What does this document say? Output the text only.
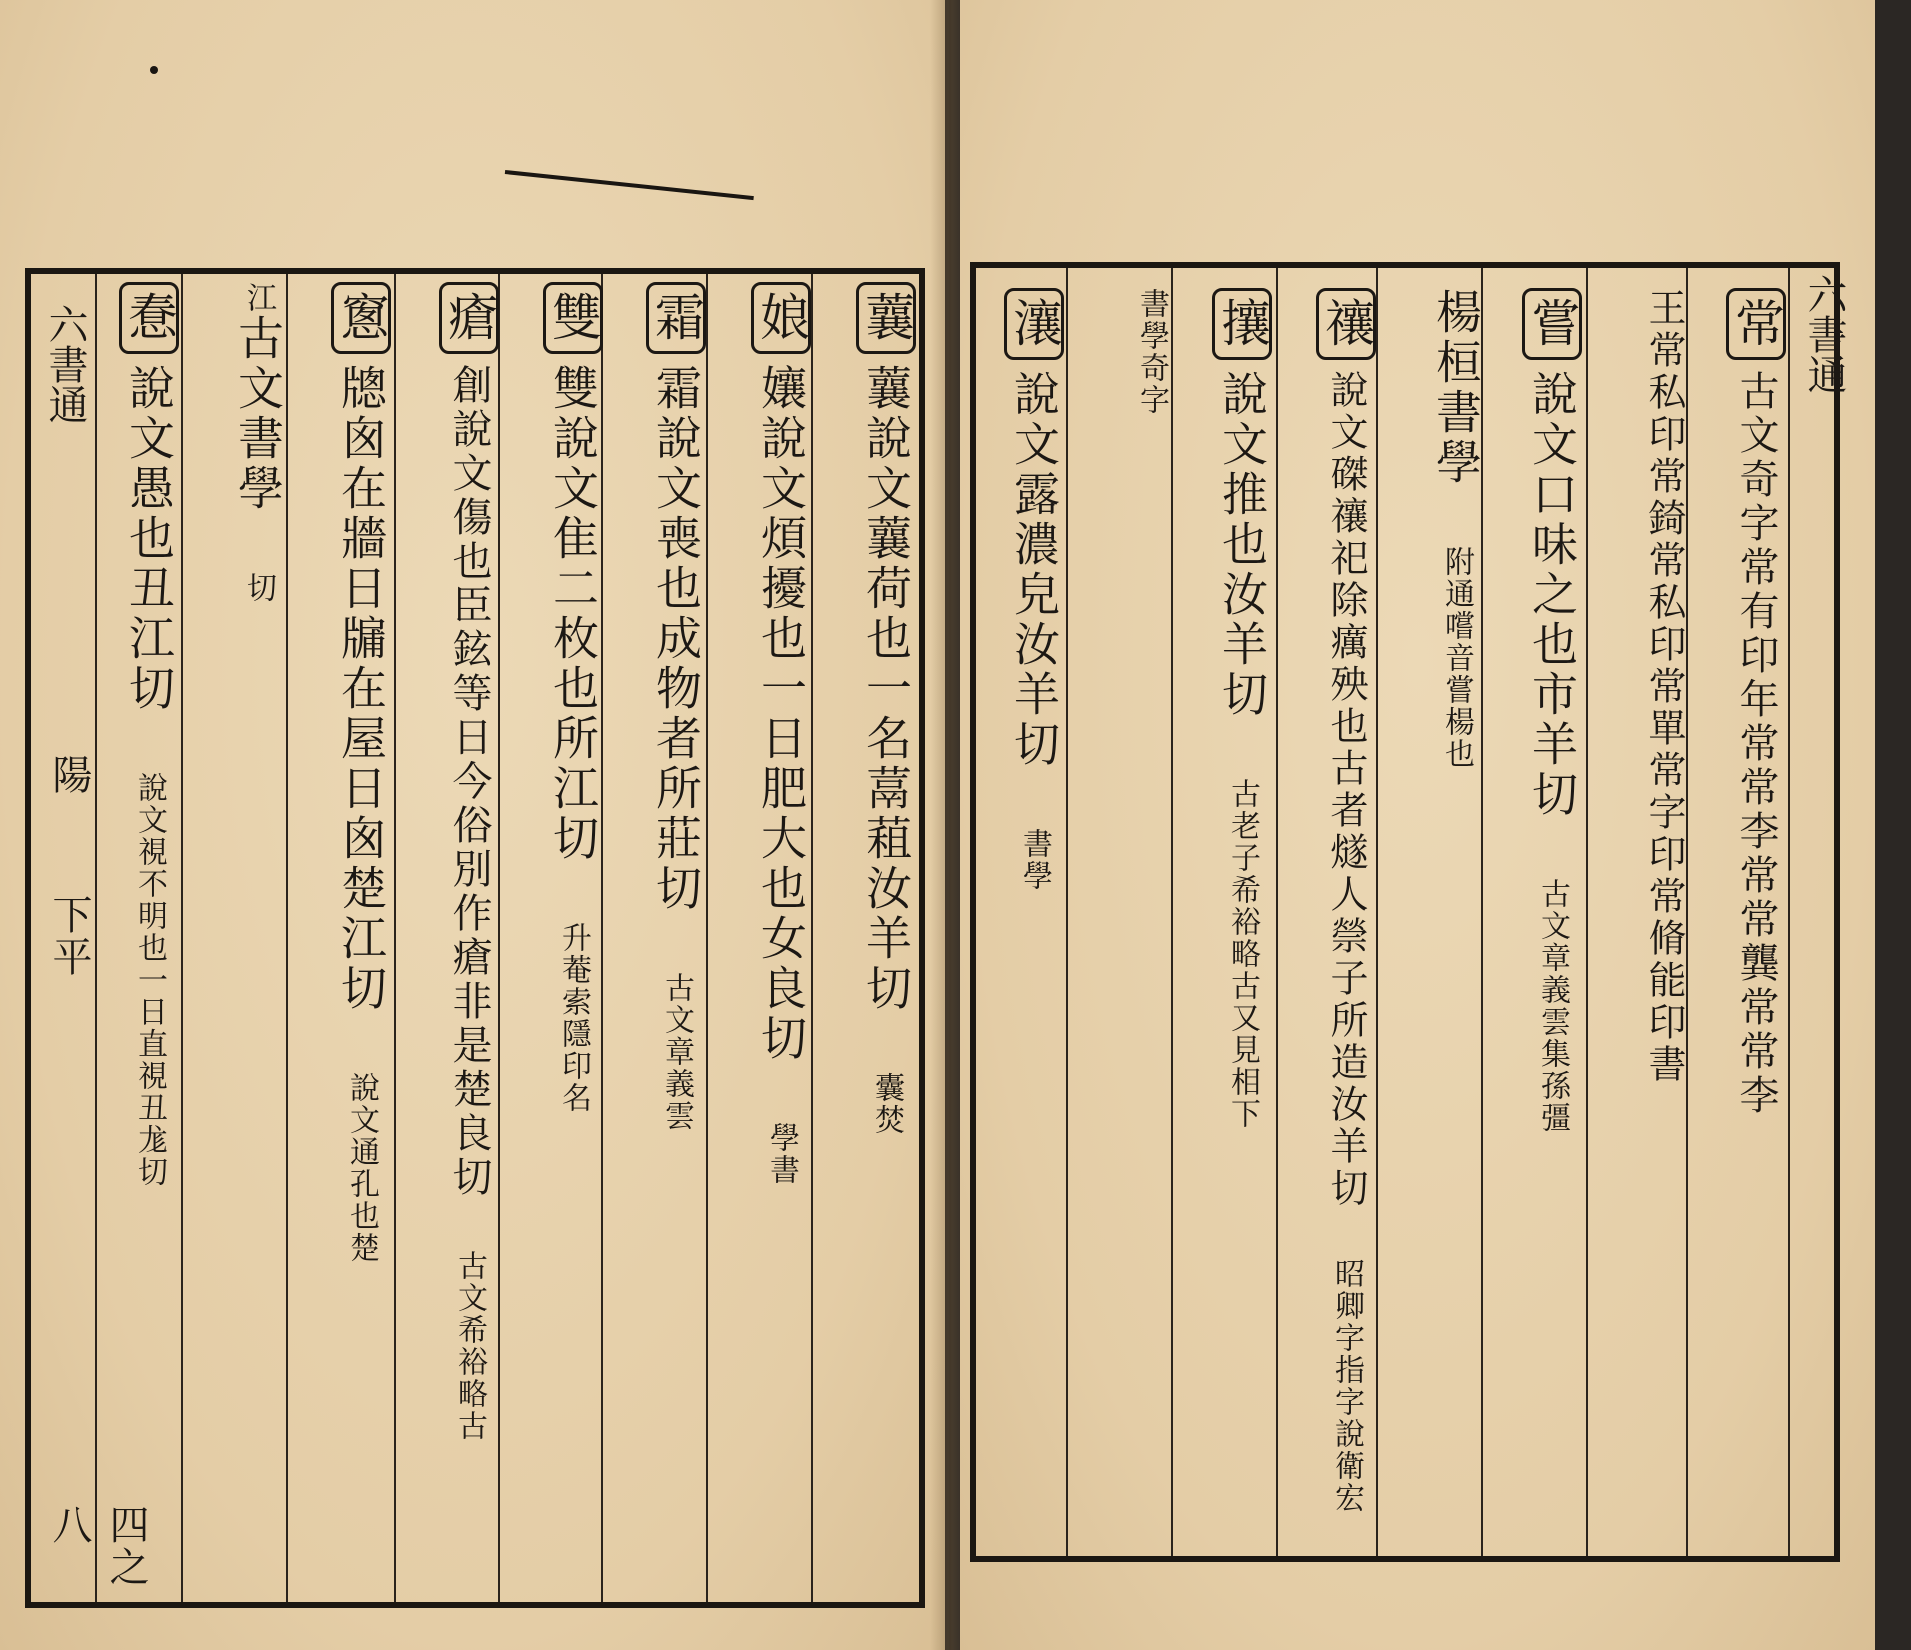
六書通
陽
下平
四之八
蘘蘘說文蘘荷也一名蒚蒩汝羊切 囊焚
娘孃說文煩擾也一日肥大也女良切 學書
霜霜說文喪也成物者所莊切 古文章義雲
雙雙說文隹二枚也所江切 升菴索隱印名
瘡創說文傷也臣鉉等日今俗別作瘡非是楚良切 古文希裕略古
窻牕囪在牆日牖在屋日囪楚江切 說文通孔也楚
江古文書學 切
惷說文愚也丑江切 說文視不明也一日直視丑尨切
六書通
常古文奇字常有印年常常李常常龔常常李
王常私印常錡常私印常單常字印常脩能印書
嘗說文口味之也市羊切 古文章義雲集孫彊
楊桓書學 附通嚐音嘗楊也
禳說文磔禳祀除癘殃也古者燧人禜子所造汝羊切 昭卿字指字說衛宏
攘說文推也汝羊切 古老子希裕略古又見相下
書學奇字
瀼說文露濃皃汝羊切 書學
